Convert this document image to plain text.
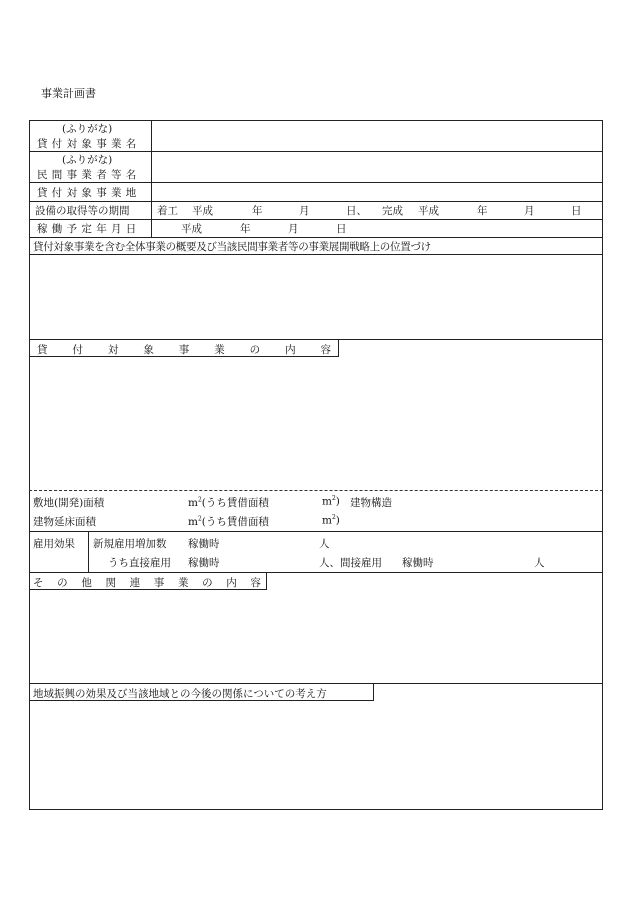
事業計画書
(ふりがな)
貸付対象事業名
(ふりがな)
民間事業者等名
貸付対象事業地
設備の取得等の期間	着工 平成	年	月	日、 完成 平成	年	月	日
稼働予定年月日	平成	年	月	日
貸付対象事業を含む全体事業の概要及び当該民間事業者等の事業展開戦略上の位置づけ
貸 付 対 象 事 業 の 内 容
敷地(開発)面積	$m^2$(うち賃借面積	$m^2$) 建物構造
建物延床面積	$m^2$(うち賃借面積	$m^2$)
雇用効果 新規雇用増加数 稼働時	人
うち直接雇用 稼働時	人、間接雇用 稼働時	人
そ の 他 関 連 事 業 の 内 容
地域振興の効果及び当該地域との今後の関係についての考え方
